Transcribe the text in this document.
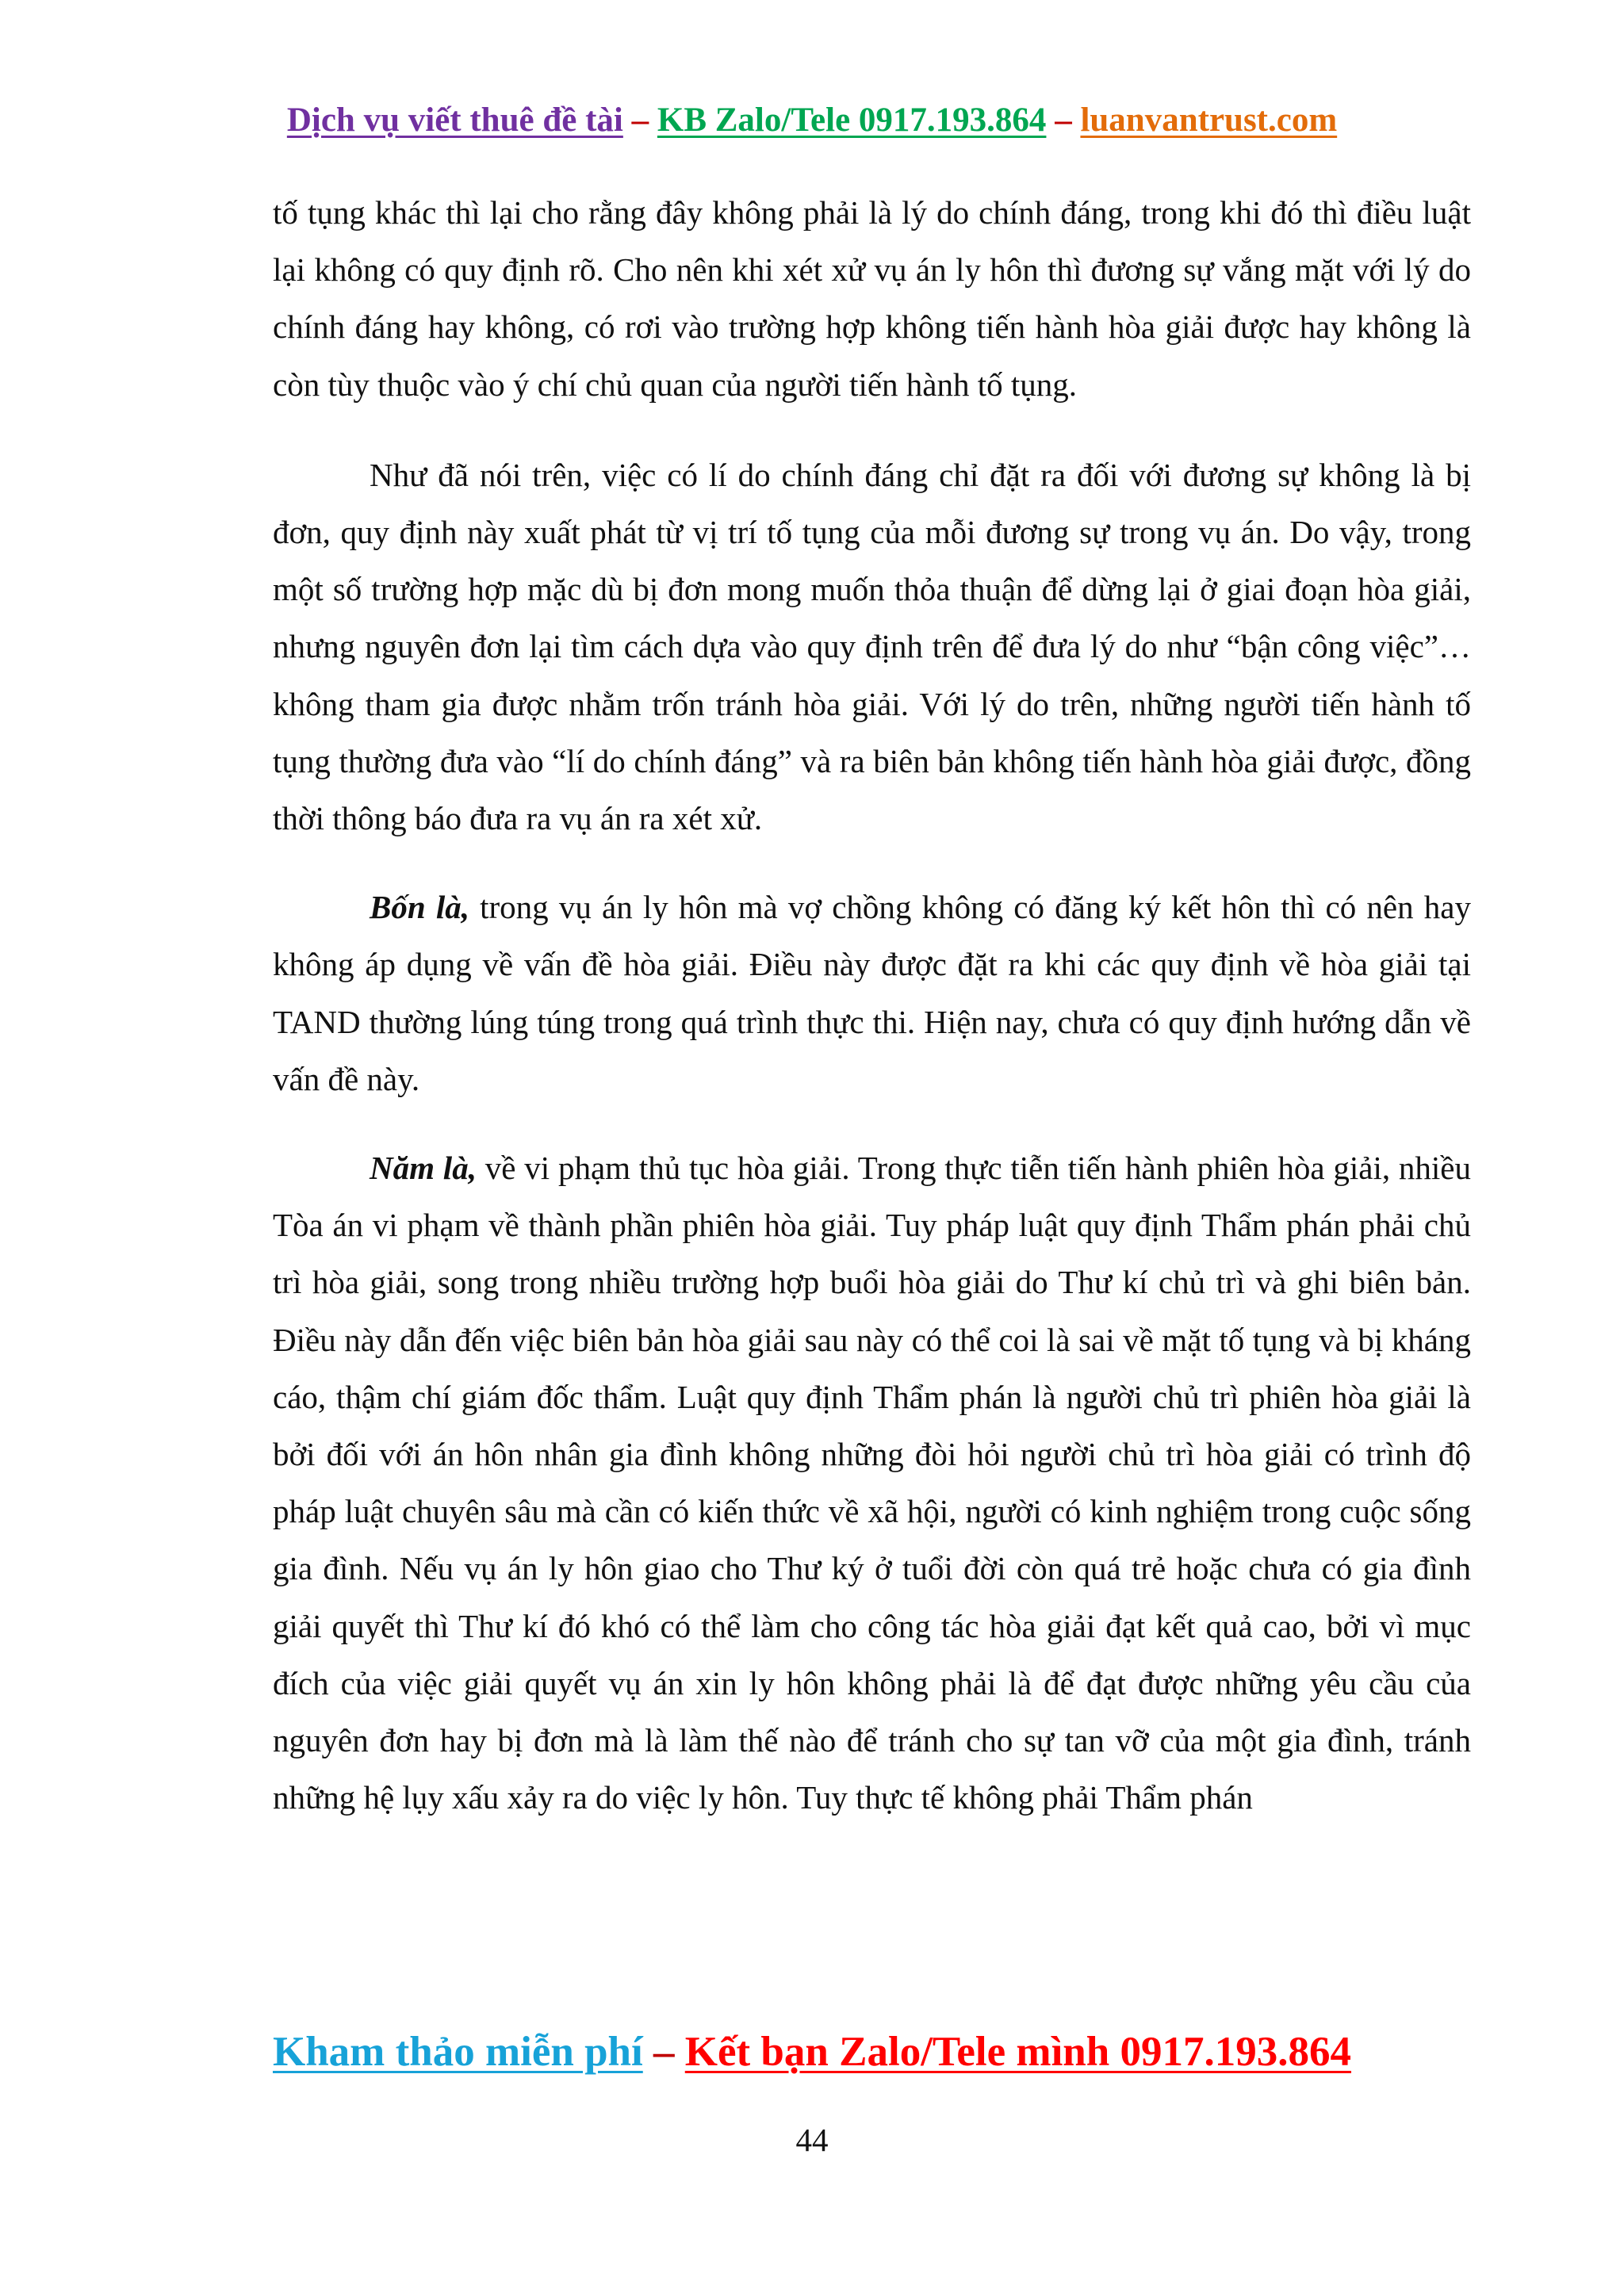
Dịch vụ viết thuê đề tài – KB Zalo/Tele 0917.193.864 – luanvantrust.com

tố tụng khác thì lại cho rằng đây không phải là lý do chính đáng, trong khi đó thì điều luật lại không có quy định rõ. Cho nên khi xét xử vụ án ly hôn thì đương sự vắng mặt với lý do chính đáng hay không, có rơi vào trường hợp không tiến hành hòa giải được hay không là còn tùy thuộc vào ý chí chủ quan của người tiến hành tố tụng.

Như đã nói trên, việc có lí do chính đáng chỉ đặt ra đối với đương sự không là bị đơn, quy định này xuất phát từ vị trí tố tụng của mỗi đương sự trong vụ án. Do vậy, trong một số trường hợp mặc dù bị đơn mong muốn thỏa thuận để dừng lại ở giai đoạn hòa giải, nhưng nguyên đơn lại tìm cách dựa vào quy định trên để đưa lý do như “bận công việc”…không tham gia được nhằm trốn tránh hòa giải. Với lý do trên, những người tiến hành tố tụng thường đưa vào “lí do chính đáng” và ra biên bản không tiến hành hòa giải được, đồng thời thông báo đưa ra vụ án ra xét xử.

Bốn là, trong vụ án ly hôn mà vợ chồng không có đăng ký kết hôn thì có nên hay không áp dụng về vấn đề hòa giải. Điều này được đặt ra khi các quy định về hòa giải tại TAND thường lúng túng trong quá trình thực thi. Hiện nay, chưa có quy định hướng dẫn về vấn đề này.

Năm là, về vi phạm thủ tục hòa giải. Trong thực tiễn tiến hành phiên hòa giải, nhiều Tòa án vi phạm về thành phần phiên hòa giải. Tuy pháp luật quy định Thẩm phán phải chủ trì hòa giải, song trong nhiều trường hợp buổi hòa giải do Thư kí chủ trì và ghi biên bản. Điều này dẫn đến việc biên bản hòa giải sau này có thể coi là sai về mặt tố tụng và bị kháng cáo, thậm chí giám đốc thẩm. Luật quy định Thẩm phán là người chủ trì phiên hòa giải là bởi đối với án hôn nhân gia đình không những đòi hỏi người chủ trì hòa giải có trình độ pháp luật chuyên sâu mà cần có kiến thức về xã hội, người có kinh nghiệm trong cuộc sống gia đình. Nếu vụ án ly hôn giao cho Thư ký ở tuổi đời còn quá trẻ hoặc chưa có gia đình giải quyết thì Thư kí đó khó có thể làm cho công tác hòa giải đạt kết quả cao, bởi vì mục đích của việc giải quyết vụ án xin ly hôn không phải là để đạt được những yêu cầu của nguyên đơn hay bị đơn mà là làm thế nào để tránh cho sự tan vỡ của một gia đình, tránh những hệ lụy xấu xảy ra do việc ly hôn. Tuy thực tế không phải Thẩm phán

Kham thảo miễn phí – Kết bạn Zalo/Tele mình 0917.193.864
44
